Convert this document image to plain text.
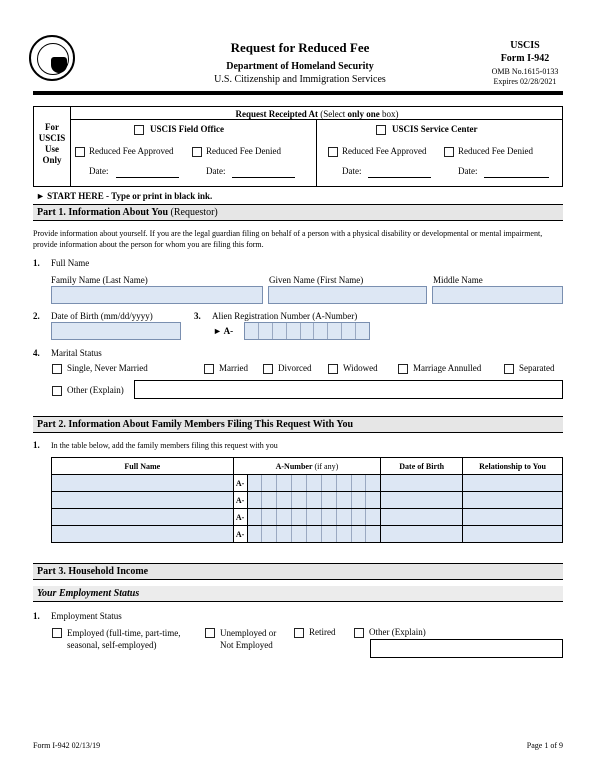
Request for Reduced Fee
Department of Homeland Security
U.S. Citizenship and Immigration Services
USCIS
Form I-942
OMB No.1615-0133
Expires 02/28/2021
For USCIS Use Only
Request Receipted At (Select only one box)
USCIS Field Office	USCIS Service Center
Reduced Fee Approved	Reduced Fee Denied
Date:	Date:
Reduced Fee Approved	Reduced Fee Denied
Date:	Date:
► START HERE - Type or print in black ink.
Part 1. Information About You (Requestor)
Provide information about yourself. If you are the legal guardian filing on behalf of a person with a physical disability or developmental or mental impairment, provide information about the person for whom you are filing this form.
1. Full Name
Family Name (Last Name)	Given Name (First Name)	Middle Name
2. Date of Birth (mm/dd/yyyy)	3. Alien Registration Number (A-Number)
► A-
4. Marital Status
Single, Never Married	Married	Divorced	Widowed	Marriage Annulled	Separated
Other (Explain)
Part 2. Information About Family Members Filing This Request With You
1. In the table below, add the family members filing this request with you
Full Name	A-Number (if any)		Date of Birth	Relationship to You
	A-	

	A-	

	A-	

	A-	

Part 3. Household Income
Your Employment Status
1. Employment Status
Employed (full-time, part-time,
seasonal, self-employed)
Unemployed or
Not Employed
Retired	Other (Explain)
Form I-942 02/13/19	Page 1 of 9
